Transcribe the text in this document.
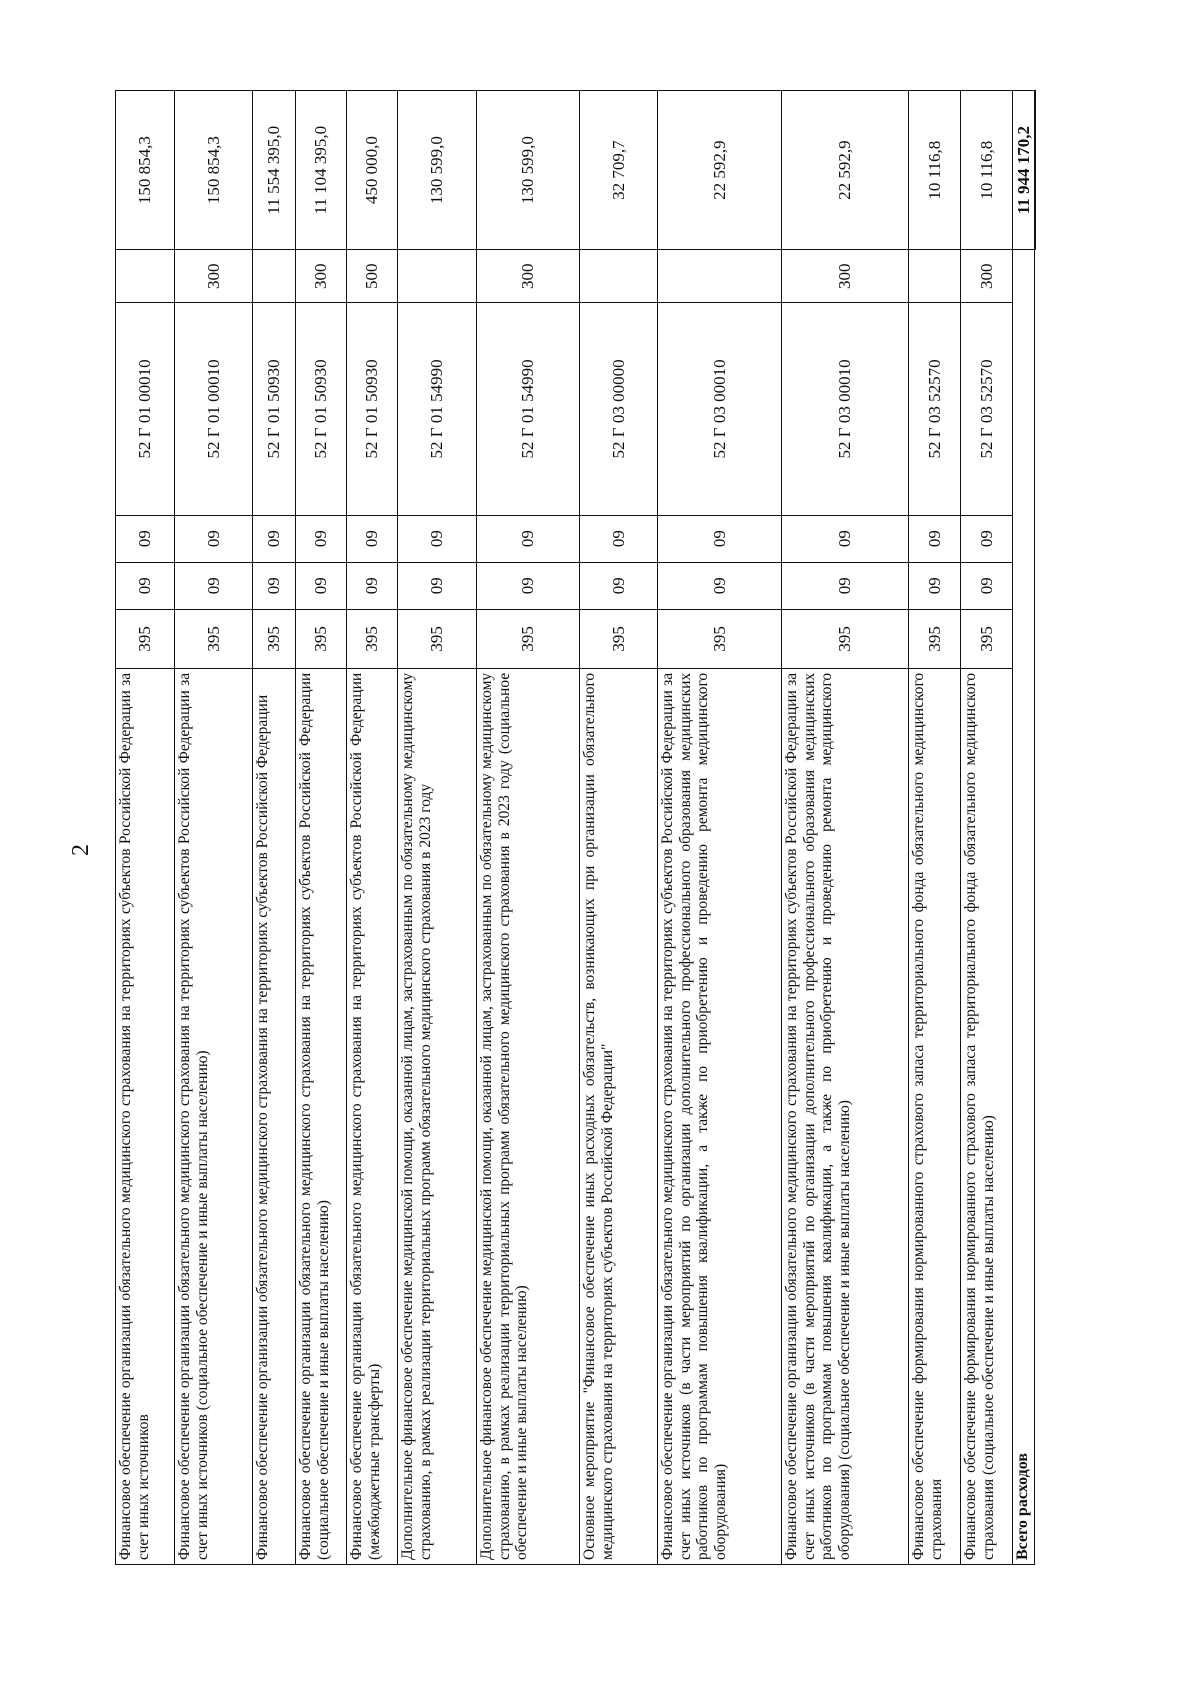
2 Финансовое обеспечение организации обязательного медицинского страхования на территориях субъектов Российской Федерации за счет иных источников	395	09	09	52 Г 01 00010		150 854,3
Финансовое обеспечение организации обязательного медицинского страхования на территориях субъектов Российской Федерации за счет иных источников (социальное обеспечение и иные выплаты населению)	395	09	09	52 Г 01 00010	300	150 854,3
Финансовое обеспечение организации обязательного медицинского страхования на территориях субъектов Российской Федерации	395	09	09	52 Г 01 50930		11 554 395,0
Финансовое обеспечение организации обязательного медицинского страхования на территориях субъектов Российской Федерации (социальное обеспечение и иные выплаты населению)	395	09	09	52 Г 01 50930	300	11 104 395,0
Финансовое обеспечение организации обязательного медицинского страхования на территориях субъектов Российской Федерации (межбюджетные трансферты)	395	09	09	52 Г 01 50930	500	450 000,0
Дополнительное финансовое обеспечение медицинской помощи, оказанной лицам, застрахованным по обязательному медицинскому страхованию, в рамках реализации территориальных программ обязательного медицинского страхования в 2023 году	395	09	09	52 Г 01 54990		130 599,0
Дополнительное финансовое обеспечение медицинской помощи, оказанной лицам, застрахованным по обязательному медицинскому страхованию, в рамках реализации территориальных программ обязательного медицинского страхования в 2023 году (социальное обеспечение и иные выплаты населению)	395	09	09	52 Г 01 54990	300	130 599,0
Основное мероприятие "Финансовое обеспечение иных расходных обязательств, возникающих при организации обязательного медицинского страхования на территориях субъектов Российской Федерации"	395	09	09	52 Г 03 00000		32 709,7
Финансовое обеспечение организации обязательного медицинского страхования на территориях субъектов Российской Федерации за счет иных источников (в части мероприятий по организации дополнительного профессионального образования медицинских работников по программам повышения квалификации, а также по приобретению и проведению ремонта медицинского оборудования)	395	09	09	52 Г 03 00010		22 592,9
Финансовое обеспечение организации обязательного медицинского страхования на территориях субъектов Российской Федерации за счет иных источников (в части мероприятий по организации дополнительного профессионального образования медицинских работников по программам повышения квалификации, а также по приобретению и проведению ремонта медицинского оборудования) (социальное обеспечение и иные выплаты населению)	395	09	09	52 Г 03 00010	300	22 592,9
Финансовое обеспечение формирования нормированного страхового запаса территориального фонда обязательного медицинского страхования	395	09	09	52 Г 03 52570		10 116,8
Финансовое обеспечение формирования нормированного страхового запаса территориального фонда обязательного медицинского страхования (социальное обеспечение и иные выплаты населению)	395	09	09	52 Г 03 52570	300	10 116,8
Всего расходов						11 944 170,2
